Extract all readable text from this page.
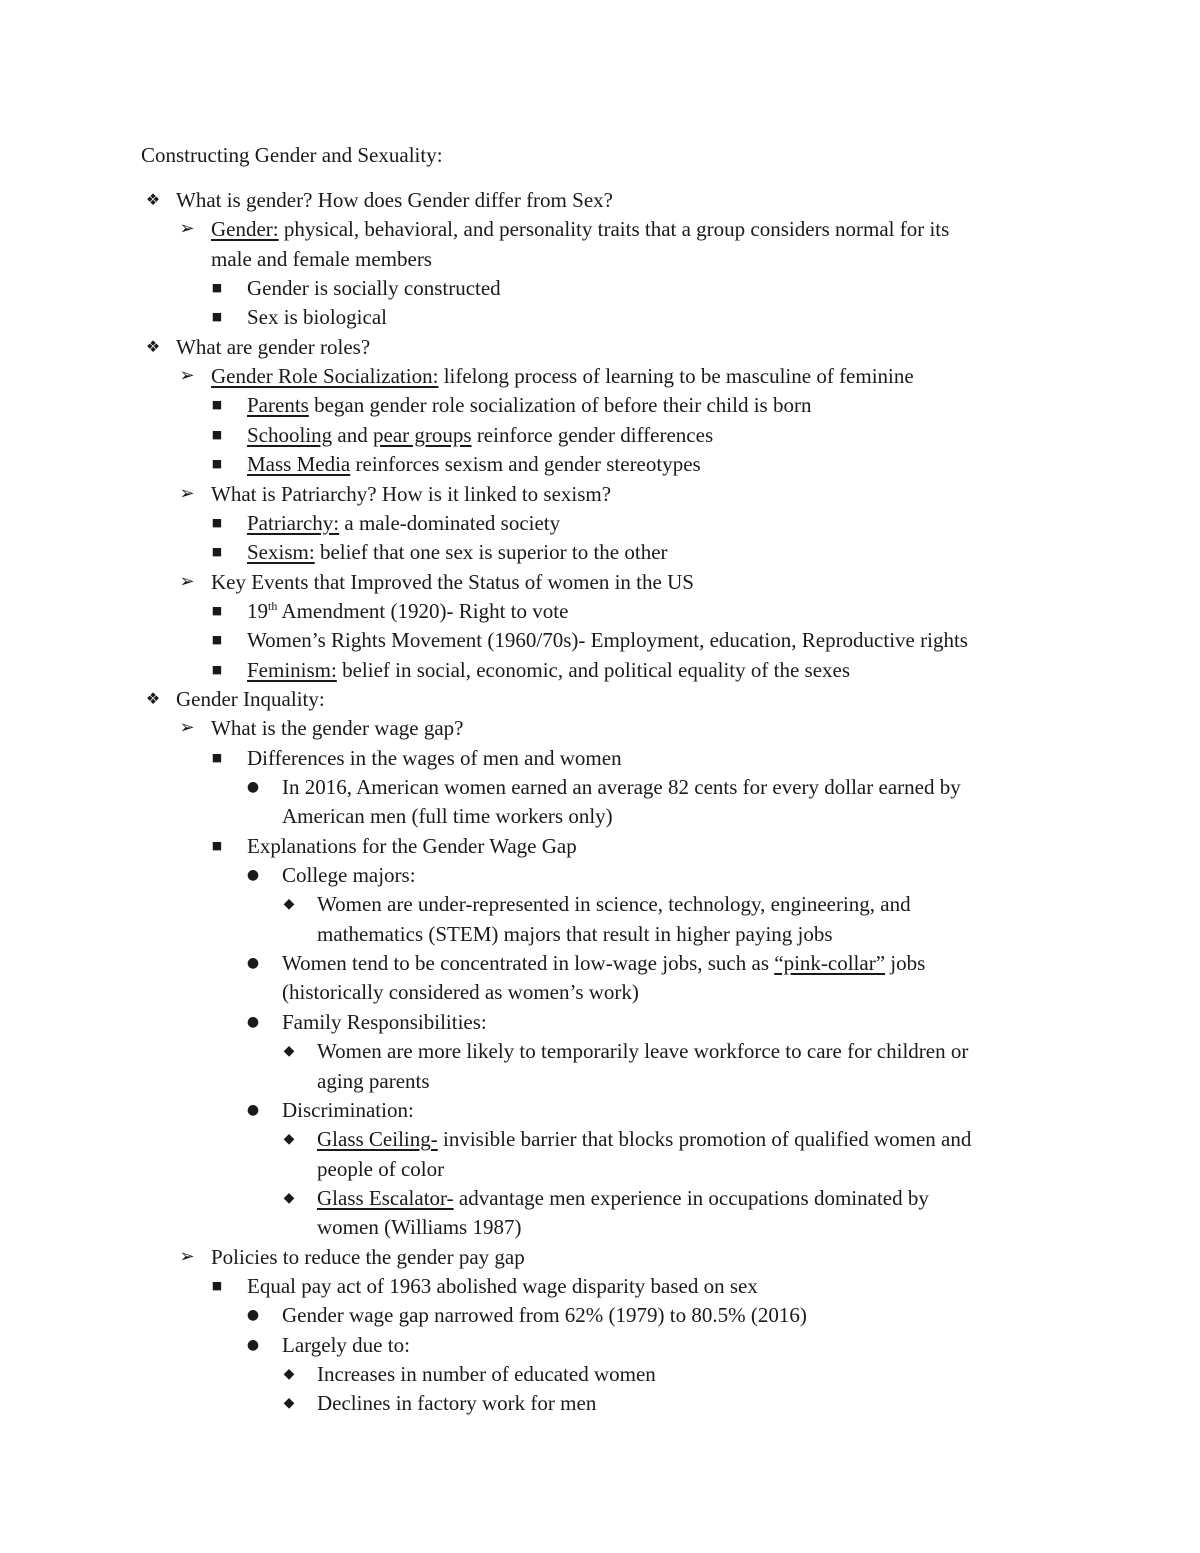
Constructing Gender and Sexuality:
❖ What is gender? How does Gender differ from Sex?
➢ Gender: physical, behavioral, and personality traits that a group considers normal for its
male and female members
■ Gender is socially constructed
■ Sex is biological
❖ What are gender roles?
➢ Gender Role Socialization: lifelong process of learning to be masculine of feminine
■ Parents began gender role socialization of before their child is born
■ Schooling and pear groups reinforce gender differences
■ Mass Media reinforces sexism and gender stereotypes
➢ What is Patriarchy? How is it linked to sexism?
■ Patriarchy: a male-dominated society
■ Sexism: belief that one sex is superior to the other
➢ Key Events that Improved the Status of women in the US
■ 19th Amendment (1920)- Right to vote
■ Women’s Rights Movement (1960/70s)- Employment, education, Reproductive rights
■ Feminism: belief in social, economic, and political equality of the sexes
❖ Gender Inquality:
➢ What is the gender wage gap?
■ Differences in the wages of men and women
● In 2016, American women earned an average 82 cents for every dollar earned by
American men (full time workers only)
■ Explanations for the Gender Wage Gap
● College majors:
◆ Women are under-represented in science, technology, engineering, and
mathematics (STEM) majors that result in higher paying jobs
● Women tend to be concentrated in low-wage jobs, such as “pink-collar” jobs
(historically considered as women’s work)
● Family Responsibilities:
◆ Women are more likely to temporarily leave workforce to care for children or
aging parents
● Discrimination:
◆ Glass Ceiling- invisible barrier that blocks promotion of qualified women and
people of color
◆ Glass Escalator- advantage men experience in occupations dominated by
women (Williams 1987)
➢ Policies to reduce the gender pay gap
■ Equal pay act of 1963 abolished wage disparity based on sex
● Gender wage gap narrowed from 62% (1979) to 80.5% (2016)
● Largely due to:
◆ Increases in number of educated women
◆ Declines in factory work for men
